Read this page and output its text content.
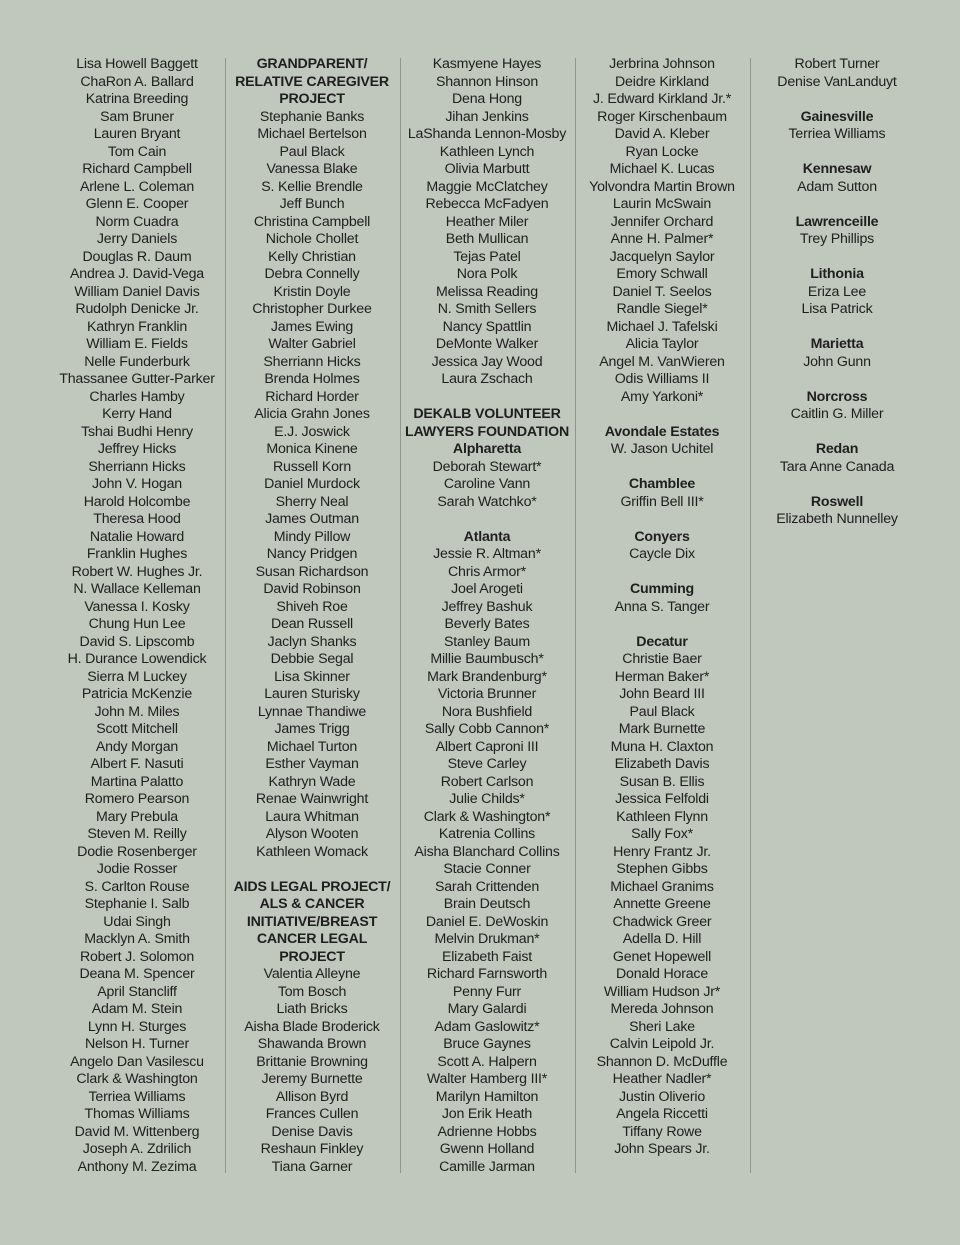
Lisa Howell Baggett
ChaRon A. Ballard
Katrina Breeding
Sam Bruner
Lauren Bryant
Tom Cain
Richard Campbell
Arlene L. Coleman
Glenn E. Cooper
Norm Cuadra
Jerry Daniels
Douglas R. Daum
Andrea J. David-Vega
William Daniel Davis
Rudolph Denicke Jr.
Kathryn Franklin
William E. Fields
Nelle Funderburk
Thassanee Gutter-Parker
Charles Hamby
Kerry Hand
Tshai Budhi Henry
Jeffrey Hicks
Sherriann Hicks
John V. Hogan
Harold Holcombe
Theresa Hood
Natalie Howard
Franklin Hughes
Robert W. Hughes Jr.
N. Wallace Kelleman
Vanessa I. Kosky
Chung Hun Lee
David S. Lipscomb
H. Durance Lowendick
Sierra M Luckey
Patricia McKenzie
John M. Miles
Scott Mitchell
Andy Morgan
Albert F. Nasuti
Martina Palatto
Romero Pearson
Mary Prebula
Steven M. Reilly
Dodie Rosenberger
Jodie Rosser
S. Carlton Rouse
Stephanie I. Salb
Udai Singh
Macklyn A. Smith
Robert J. Solomon
Deana M. Spencer
April Stancliff
Adam M. Stein
Lynn H. Sturges
Nelson H. Turner
Angelo Dan Vasilescu
Clark & Washington
Terriea Williams
Thomas Williams
David M. Wittenberg
Joseph A. Zdrilich
Anthony M. Zezima
GRANDPARENT/
RELATIVE CAREGIVER
PROJECT
Stephanie Banks
Michael Bertelson
Paul Black
Vanessa Blake
S. Kellie Brendle
Jeff Bunch
Christina Campbell
Nichole Chollet
Kelly Christian
Debra Connelly
Kristin Doyle
Christopher Durkee
James Ewing
Walter Gabriel
Sherriann Hicks
Brenda Holmes
Richard Horder
Alicia Grahn Jones
E.J. Joswick
Monica Kinene
Russell Korn
Daniel Murdock
Sherry Neal
James Outman
Mindy Pillow
Nancy Pridgen
Susan Richardson
David Robinson
Shiveh Roe
Dean Russell
Jaclyn Shanks
Debbie Segal
Lisa Skinner
Lauren Sturisky
Lynnae Thandiwe
James Trigg
Michael Turton
Esther Vayman
Kathryn Wade
Renae Wainwright
Laura Whitman
Alyson Wooten
Kathleen Womack
AIDS LEGAL PROJECT/
ALS & CANCER
INITIATIVE/BREAST
CANCER LEGAL
PROJECT
Valentia Alleyne
Tom Bosch
Liath Bricks
Aisha Blade Broderick
Shawanda Brown
Brittanie Browning
Jeremy Burnette
Allison Byrd
Frances Cullen
Denise Davis
Reshaun Finkley
Tiana Garner
Kasmyene Hayes
Shannon Hinson
Dena Hong
Jihan Jenkins
LaShanda Lennon-Mosby
Kathleen Lynch
Olivia Marbutt
Maggie McClatchey
Rebecca McFadyen
Heather Miler
Beth Mullican
Tejas Patel
Nora Polk
Melissa Reading
N. Smith Sellers
Nancy Spattlin
DeMonte Walker
Jessica Jay Wood
Laura Zschach
DEKALB VOLUNTEER
LAWYERS FOUNDATION
Alpharetta
Deborah Stewart*
Caroline Vann
Sarah Watchko*
Atlanta
Jessie R. Altman*
Chris Armor*
Joel Arogeti
Jeffrey Bashuk
Beverly Bates
Stanley Baum
Millie Baumbusch*
Mark Brandenburg*
Victoria Brunner
Nora Bushfield
Sally Cobb Cannon*
Albert Caproni III
Steve Carley
Robert Carlson
Julie Childs*
Clark & Washington*
Katrenia Collins
Aisha Blanchard Collins
Stacie Conner
Sarah Crittenden
Brain Deutsch
Daniel E. DeWoskin
Melvin Drukman*
Elizabeth Faist
Richard Farnsworth
Penny Furr
Mary Galardi
Adam Gaslowitz*
Bruce Gaynes
Scott A. Halpern
Walter Hamberg III*
Marilyn Hamilton
Jon Erik Heath
Adrienne Hobbs
Gwenn Holland
Camille Jarman
Jerbrina Johnson
Deidre Kirkland
J. Edward Kirkland Jr.*
Roger Kirschenbaum
David A. Kleber
Ryan Locke
Michael K. Lucas
Yolvondra Martin Brown
Laurin McSwain
Jennifer Orchard
Anne H. Palmer*
Jacquelyn Saylor
Emory Schwall
Daniel T. Seelos
Randle Siegel*
Michael J. Tafelski
Alicia Taylor
Angel M. VanWieren
Odis Williams II
Amy Yarkoni*
Avondale Estates
W. Jason Uchitel
Chamblee
Griffin Bell III*
Conyers
Caycle Dix
Cumming
Anna S. Tanger
Decatur
Christie Baer
Herman Baker*
John Beard III
Paul Black
Mark Burnette
Muna H. Claxton
Elizabeth Davis
Susan B. Ellis
Jessica Felfoldi
Kathleen Flynn
Sally Fox*
Henry Frantz Jr.
Stephen Gibbs
Michael Granims
Annette Greene
Chadwick Greer
Adella D. Hill
Genet Hopewell
Donald Horace
William Hudson Jr*
Mereda Johnson
Sheri Lake
Calvin Leipold Jr.
Shannon D. McDuffle
Heather Nadler*
Justin Oliverio
Angela Riccetti
Tiffany Rowe
John Spears Jr.
Robert Turner
Denise VanLanduyt
Gainesville
Terriea Williams
Kennesaw
Adam Sutton
Lawrenceille
Trey Phillips
Lithonia
Eriza Lee
Lisa Patrick
Marietta
John Gunn
Norcross
Caitlin G. Miller
Redan
Tara Anne Canada
Roswell
Elizabeth Nunnelley
